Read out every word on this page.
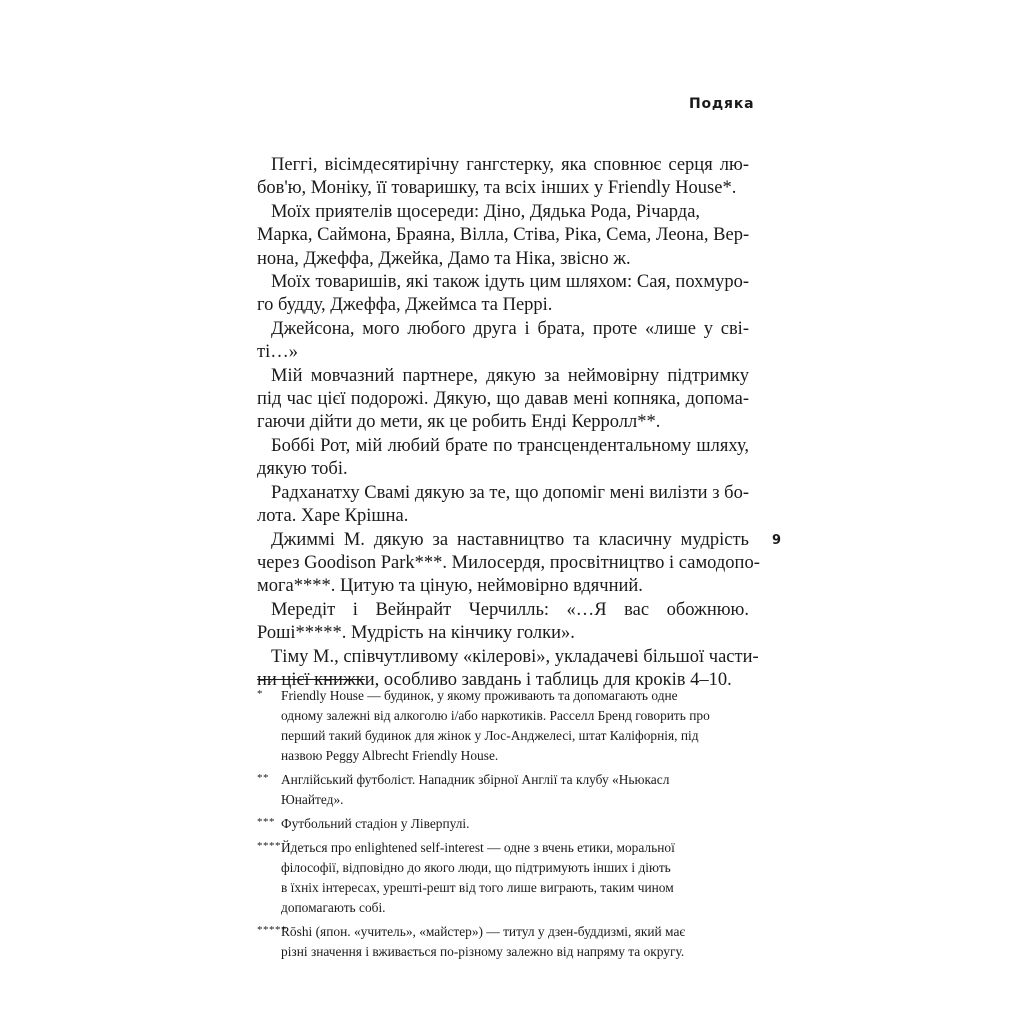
Подяка

Пеггі, вісімдесятирічну гангстерку, яка сповнює серця лю-
бов'ю, Моніку, її товаришку, та всіх інших у Friendly House*.

Моїх приятелів щосереди: Діно, Дядька Рода, Річарда,
Марка, Саймона, Браяна, Вілла, Стіва, Ріка, Сема, Леона, Вер-
нона, Джеффа, Джейка, Дамо та Ніка, звісно ж.

Моїх товаришів, які також ідуть цим шляхом: Сая, похмуро-
го будду, Джеффа, Джеймса та Перрі.

Джейсона, мого любого друга і брата, проте «лише у сві-
ті…»

Мій мовчазний партнере, дякую за неймовірну підтримку
під час цієї подорожі. Дякую, що давав мені копняка, допома-
гаючи дійти до мети, як це робить Енді Керролл**.

Боббі Рот, мій любий брате по трансцендентальному шляху,
дякую тобі.

Радханатху Свамі дякую за те, що допоміг мені вилізти з бо-
лота. Харе Крішна.

Джиммі М. дякую за наставництво та класичну мудрість
через Goodison Park***. Милосердя, просвітництво і самодопо-
мога****. Цитую та ціную, неймовірно вдячний.

Мередіт і Вейнрайт Черчилль: «…Я вас обожнюю.
Роші*****. Мудрість на кінчику голки».

Тіму М., співчутливому «кілерові», укладачеві більшої части-
ни цієї книжки, особливо завдань і таблиць для кроків 4–10.

9
* Friendly House — будинок, у якому проживають та допомагають одне
одному залежні від алкоголю і/або наркотиків. Расселл Бренд говорить про
перший такий будинок для жінок у Лос-Анджелесі, штат Каліфорнія, під
назвою Peggy Albrecht Friendly House.
** Англійський футболіст. Нападник збірної Англії та клубу «Ньюкасл
Юнайтед».
*** Футбольний стадіон у Ліверпулі.
**** Йдеться про enlightened self-interest — одне з вчень етики, моральної
філософії, відповідно до якого люди, що підтримують інших і діють
в їхніх інтересах, урешті-решт від того лише виграють, таким чином
допомагають собі.
*****
Rōshi (япон. «учитель», «майстер») — титул у дзен-буддизмі, який має
різні значення і вживається по-різному залежно від напряму та округу.
